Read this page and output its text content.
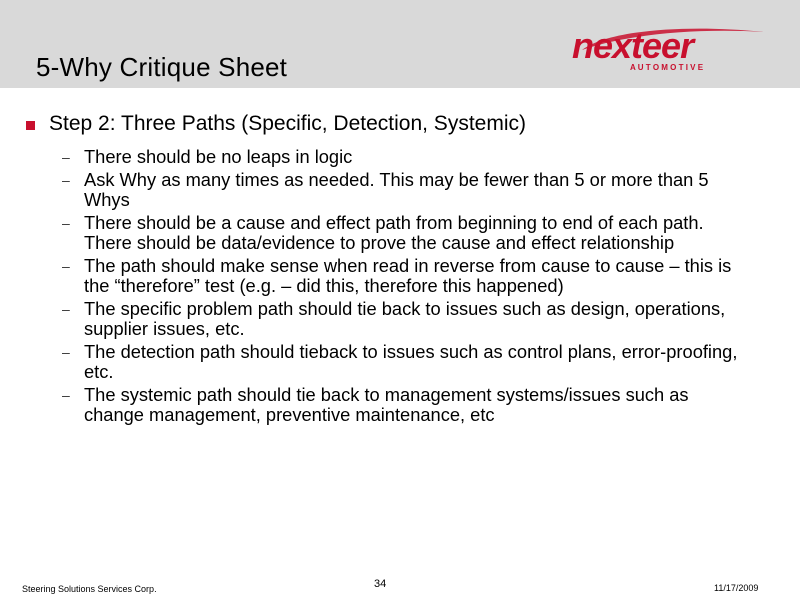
5-Why Critique Sheet
nexteer
A U T O M O T I V E
Step 2: Three Paths (Specific, Detection, Systemic)
– There should be no leaps in logic
– Ask Why as many times as needed. This may be fewer than 5 or more than 5 Whys
– There should be a cause and effect path from beginning to end of each path. There should be data/evidence to prove the cause and effect relationship
– The path should make sense when read in reverse from cause to cause – this is the “therefore” test (e.g. – did this, therefore this happened)
– The specific problem path should tie back to issues such as design, operations, supplier issues, etc.
– The detection path should tieback to issues such as control plans, error-proofing, etc.
– The systemic path should tie back to management systems/issues such as change management, preventive maintenance, etc
Steering Solutions Services Corp.	34	11/17/2009
